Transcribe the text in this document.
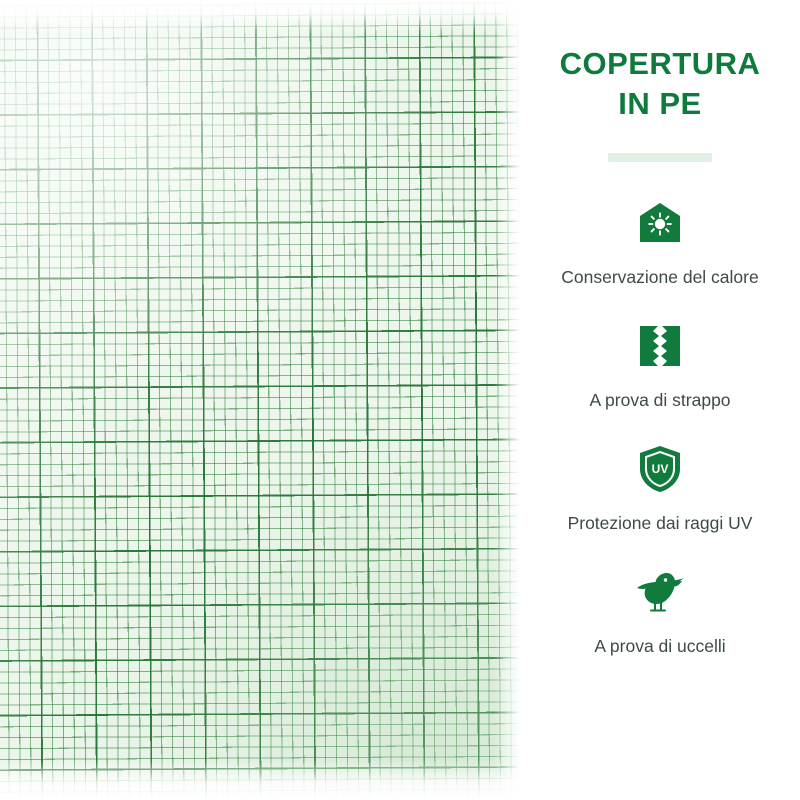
COPERTURA
IN PE
Conservazione del calore
A prova di strappo
UV
Protezione dai raggi UV
A prova di uccelli
